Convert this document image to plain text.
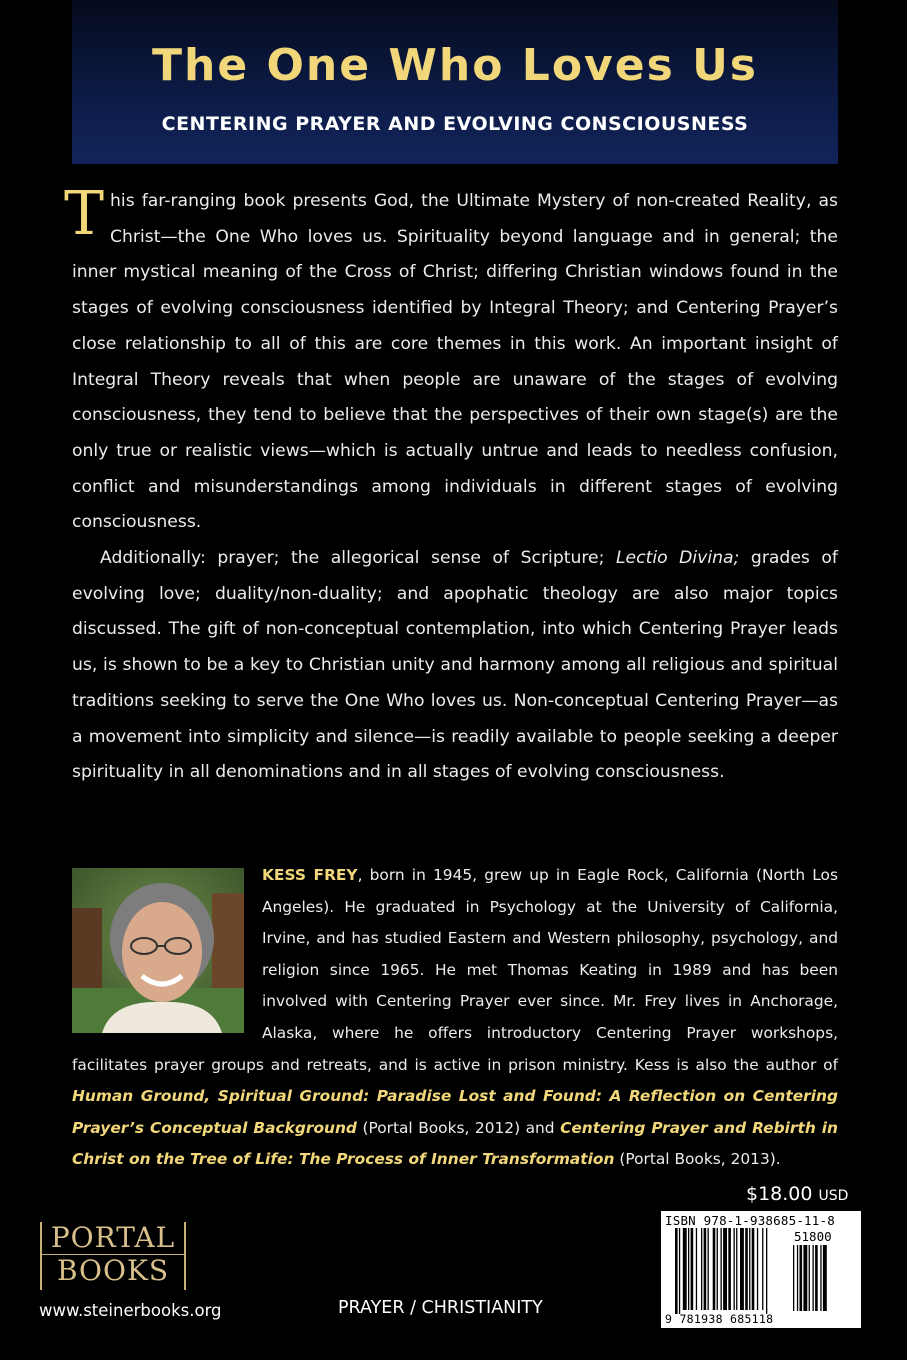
The One Who Loves Us
CENTERING PRAYER AND EVOLVING CONSCIOUSNESS

This far-ranging book presents God, the Ultimate Mystery of non-created Reality, as Christ—the One Who loves us. Spirituality beyond language and in general; the inner mystical meaning of the Cross of Christ; differing Christian windows found in the stages of evolving consciousness identified by Integral Theory; and Centering Prayer’s close relationship to all of this are core themes in this work. An important insight of Integral Theory reveals that when people are unaware of the stages of evolving consciousness, they tend to believe that the perspectives of their own stage(s) are the only true or realistic views—which is actually untrue and leads to needless confusion, conflict and misunderstandings among individuals in different stages of evolving consciousness.

Additionally: prayer; the allegorical sense of Scripture; Lectio Divina; grades of evolving love; duality/non-duality; and apophatic theology are also major topics discussed. The gift of non-conceptual contemplation, into which Centering Prayer leads us, is shown to be a key to Christian unity and harmony among all religious and spiritual traditions seeking to serve the One Who loves us. Non-conceptual Centering Prayer—as a movement into simplicity and silence—is readily available to people seeking a deeper spirituality in all denominations and in all stages of evolving consciousness.

KESS FREY, born in 1945, grew up in Eagle Rock, California (North Los Angeles). He graduated in Psychology at the University of California, Irvine, and has studied Eastern and Western philosophy, psychology, and religion since 1965. He met Thomas Keating in 1989 and has been involved with Centering Prayer ever since. Mr. Frey lives in Anchorage, Alaska, where he offers introductory Centering Prayer workshops, facilitates prayer groups and retreats, and is active in prison ministry. Kess is also the author of Human Ground, Spiritual Ground: Paradise Lost and Found: A Reflection on Centering Prayer’s Conceptual Background (Portal Books, 2012) and Centering Prayer and Rebirth in Christ on the Tree of Life: The Process of Inner Transformation (Portal Books, 2013).
$18.00 USD
PORTAL
BOOKS
www.steinerbooks.org	PRAYER / CHRISTIANITY
ISBN 978-1-938685-11-8
51800
9 781938 685118
